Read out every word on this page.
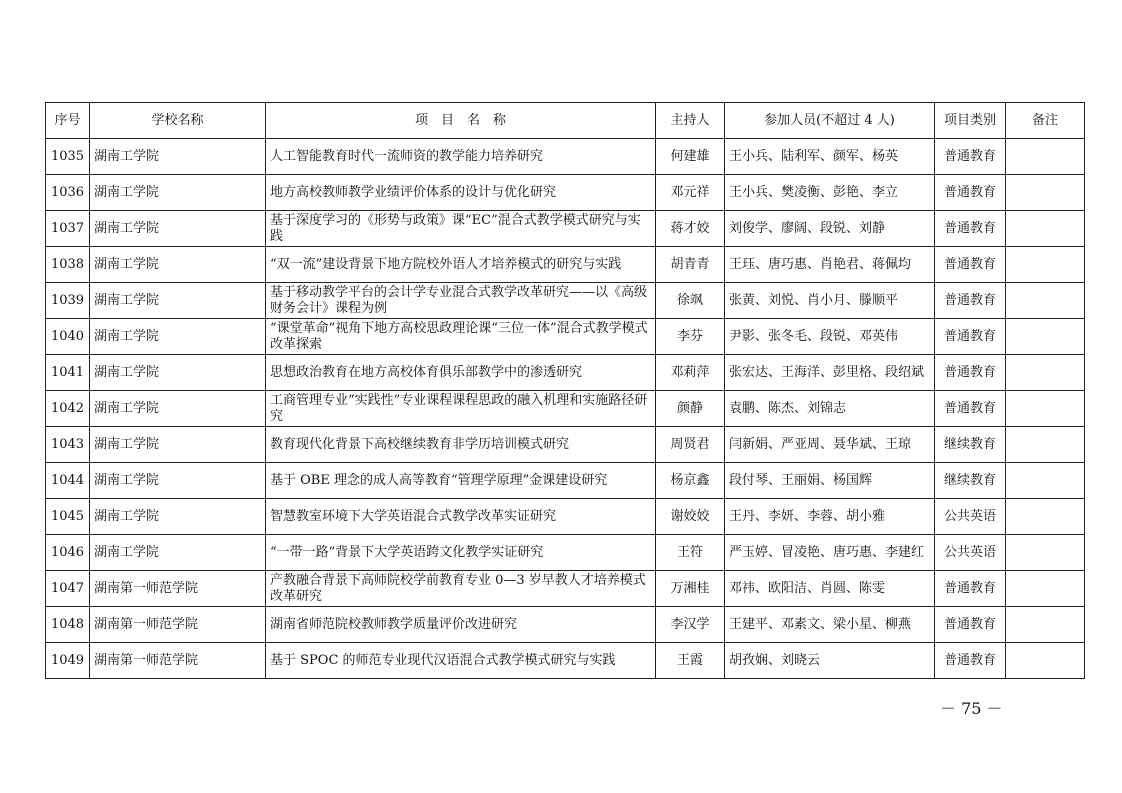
序号	学校名称	项　目　名　称	主持人	参加人员(不超过 4 人)	项目类别	备注
1035	湖南工学院	人工智能教育时代一流师资的教学能力培养研究	何建雄	王小兵、陆利军、颜军、杨英	普通教育	
1036	湖南工学院	地方高校教师教学业绩评价体系的设计与优化研究	邓元祥	王小兵、樊凌衡、彭艳、李立	普通教育	
1037	湖南工学院	基于深度学习的《形势与政策》课“EC”混合式教学模式研究与实践	蒋才姣	刘俊学、廖阔、段锐、刘静	普通教育	
1038	湖南工学院	“双一流”建设背景下地方院校外语人才培养模式的研究与实践	胡青青	王珏、唐巧惠、肖艳君、蒋佩均	普通教育	
1039	湖南工学院	基于移动教学平台的会计学专业混合式教学改革研究——以《高级财务会计》课程为例	徐飒	张黄、刘悦、肖小月、滕顺平	普通教育	
1040	湖南工学院	“课堂革命”视角下地方高校思政理论课“三位一体”混合式教学模式改革探索	李芬	尹影、张冬毛、段锐、邓英伟	普通教育	
1041	湖南工学院	思想政治教育在地方高校体育俱乐部教学中的渗透研究	邓莉萍	张宏达、王海洋、彭里格、段绍斌	普通教育	
1042	湖南工学院	工商管理专业“实践性”专业课程课程思政的融入机理和实施路径研究	颜静	袁鹏、陈杰、刘锦志	普通教育	
1043	湖南工学院	教育现代化背景下高校继续教育非学历培训模式研究	周贤君	闫新娟、严亚周、聂华斌、王琼	继续教育	
1044	湖南工学院	基于 OBE 理念的成人高等教育“管理学原理”金课建设研究	杨京鑫	段付琴、王丽娟、杨国辉	继续教育	
1045	湖南工学院	智慧教室环境下大学英语混合式教学改革实证研究	谢姣姣	王丹、李妍、李蓉、胡小雅	公共英语	
1046	湖南工学院	“一带一路”背景下大学英语跨文化教学实证研究	王符	严玉婷、冒凌艳、唐巧惠、李建红	公共英语	
1047	湖南第一师范学院	产教融合背景下高师院校学前教育专业 0—3 岁早教人才培养模式改革研究	万湘桂	邓祎、欧阳洁、肖圆、陈雯	普通教育	
1048	湖南第一师范学院	湖南省师范院校教师教学质量评价改进研究	李汉学	王建平、邓素文、梁小星、柳燕	普通教育	
1049	湖南第一师范学院	基于 SPOC 的师范专业现代汉语混合式教学模式研究与实践	王霞	胡孜娴、刘晓云	普通教育	
－ 75 －
